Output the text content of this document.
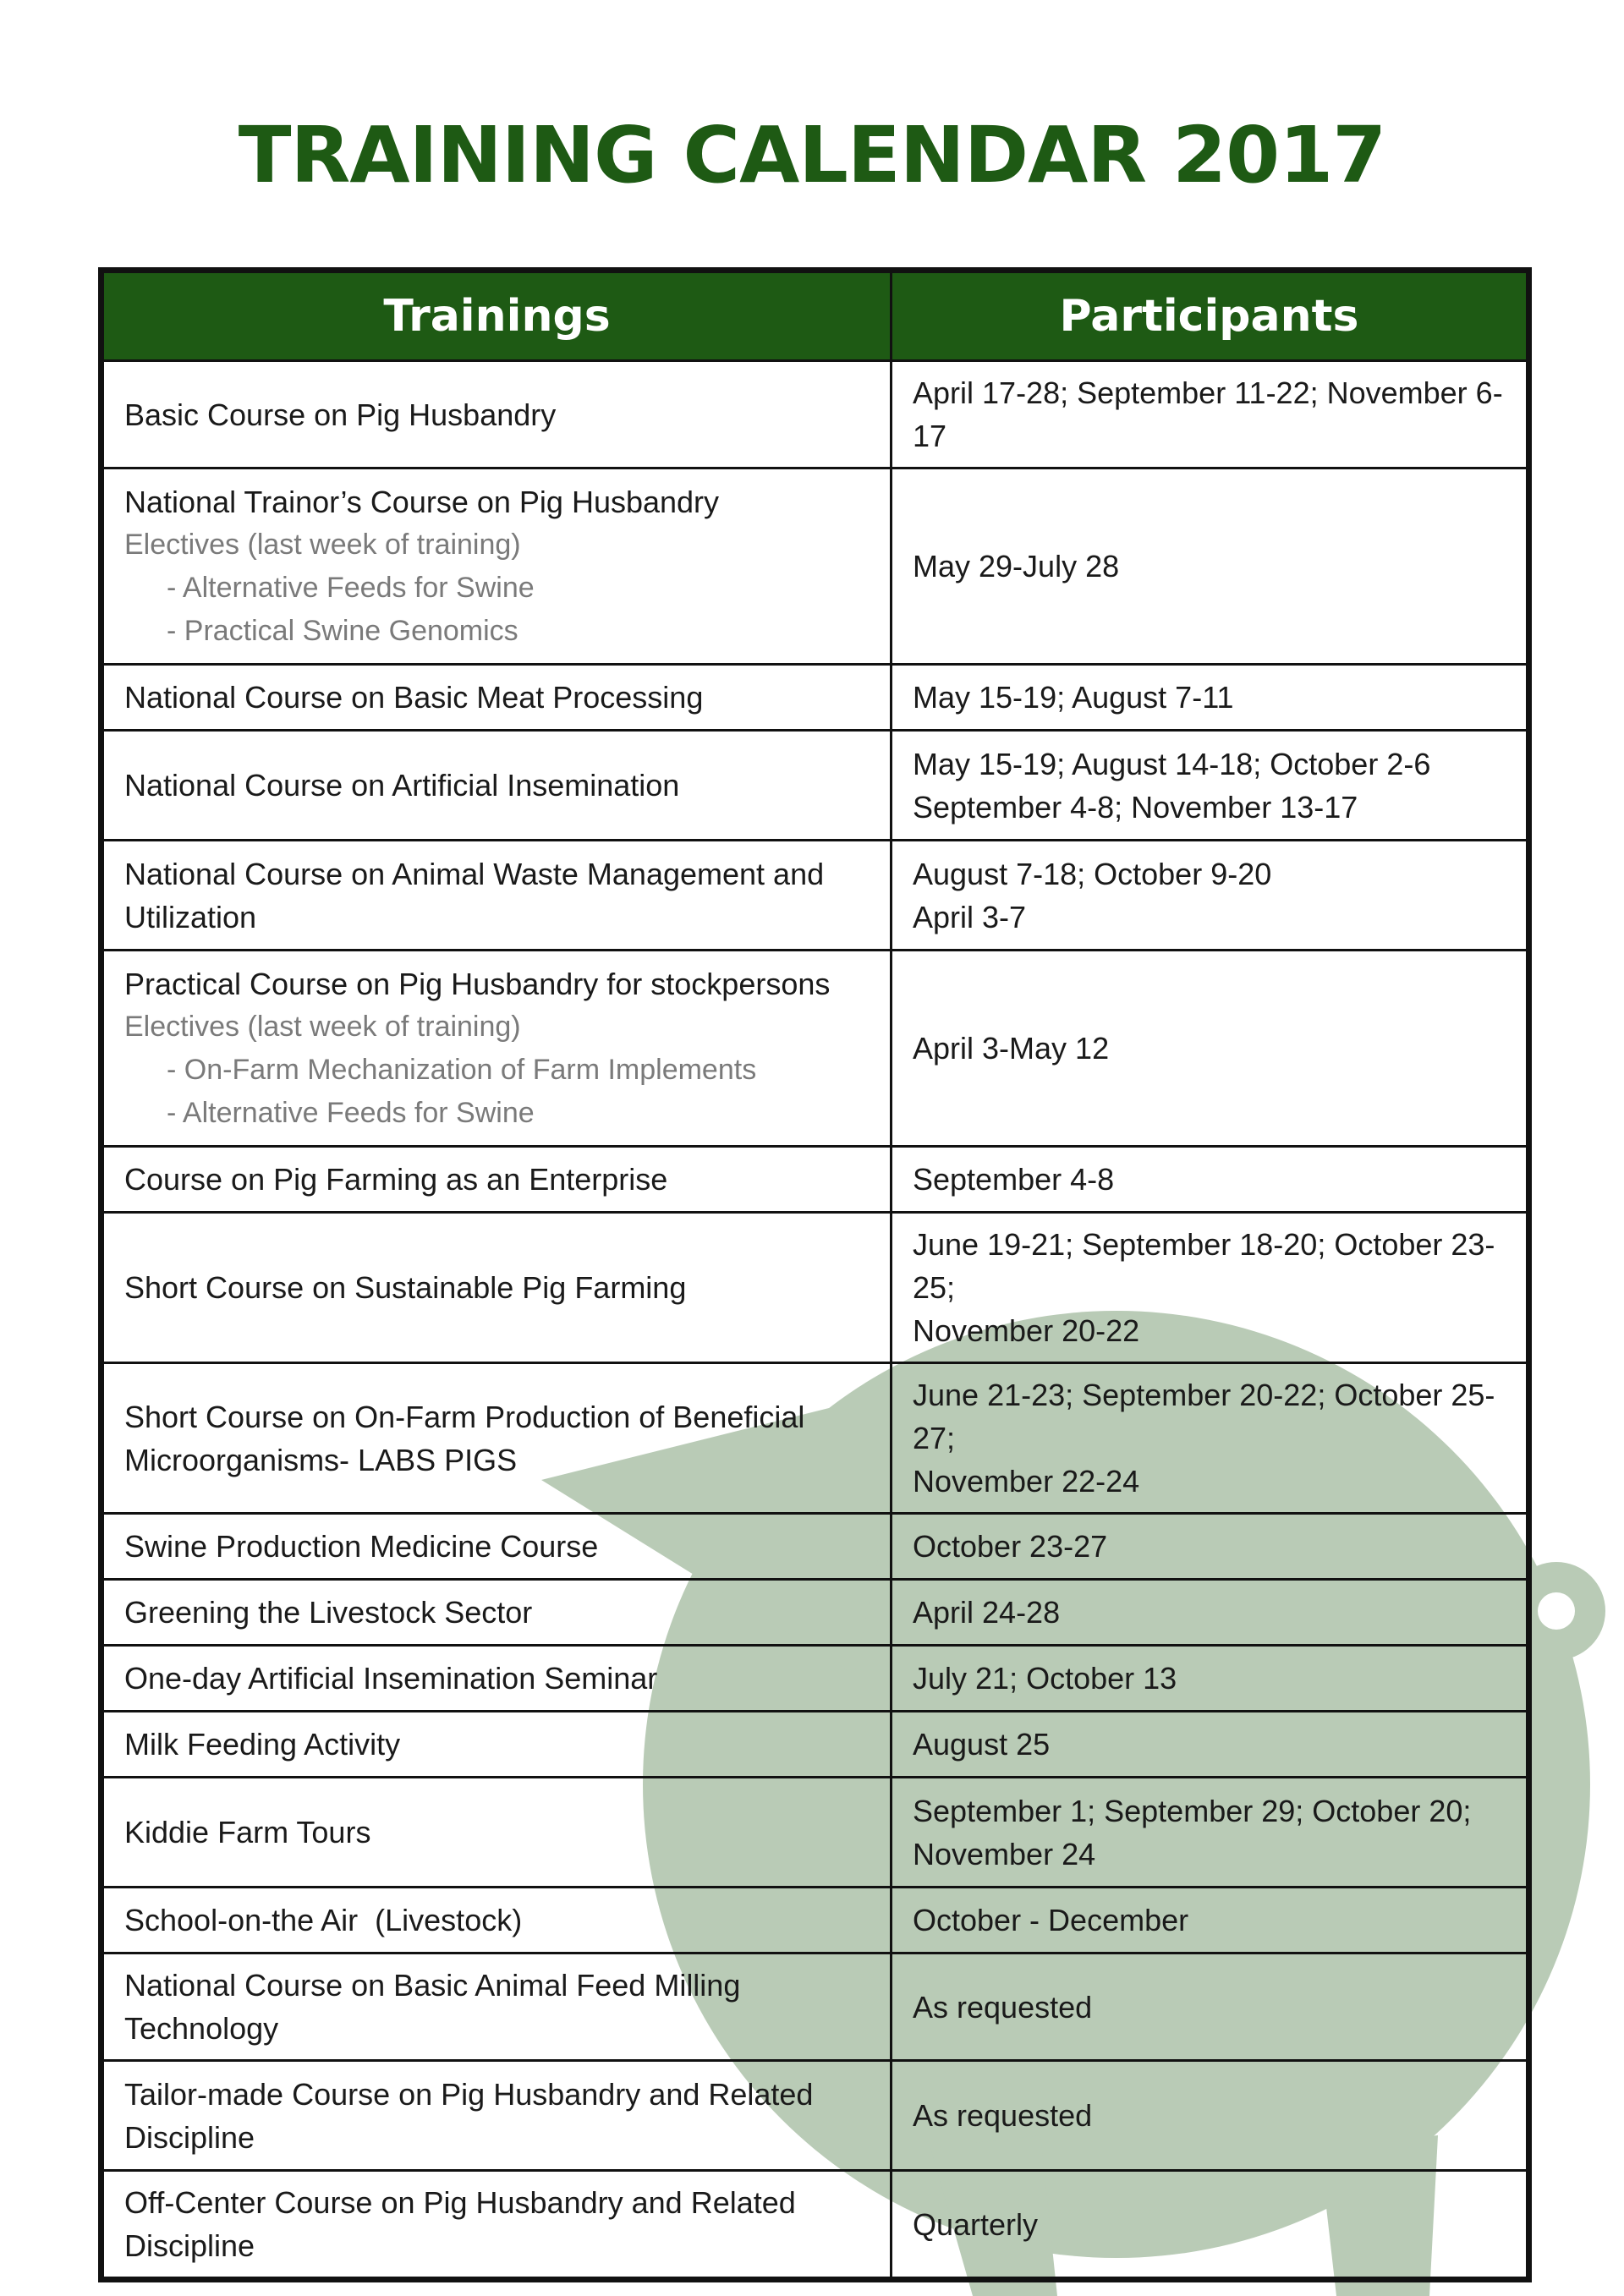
TRAINING CALENDAR 2017
Trainings	Participants
Basic Course on Pig Husbandry	April 17-28; September 11-22; November 6-17

National Trainor’s Course on Pig Husbandry
Electives (last week of training)
- Alternative Feeds for Swine
- Practical Swine Genomics	May 29-July 28

National Course on Basic Meat Processing	May 15-19; August 7-11

National Course on Artificial Insemination	May 15-19; August 14-18; October 2-6
September 4-8; November 13-17

National Course on Animal Waste Management and Utilization	August 7-18; October 9-20
April 3-7

Practical Course on Pig Husbandry for stockpersons
Electives (last week of training)
- On-Farm Mechanization of Farm Implements
- Alternative Feeds for Swine	April 3-May 12

Course on Pig Farming as an Enterprise	September 4-8

Short Course on Sustainable Pig Farming	June 19-21; September 18-20; October 23-25;
November 20-22

Short Course on On-Farm Production of Beneficial Microorganisms- LABS PIGS	June 21-23; September 20-22; October 25-27;
November 22-24

Swine Production Medicine Course	October 23-27

Greening the Livestock Sector	April 24-28

One-day Artificial Insemination Seminar	July 21; October 13

Milk Feeding Activity	August 25

Kiddie Farm Tours	September 1; September 29; October 20;
November 24

School-on-the Air  (Livestock)	October - December

National Course on Basic Animal Feed Milling Technology	As requested

Tailor-made Course on Pig Husbandry and Related Discipline	As requested

Off-Center Course on Pig Husbandry and Related Discipline	Quarterly
